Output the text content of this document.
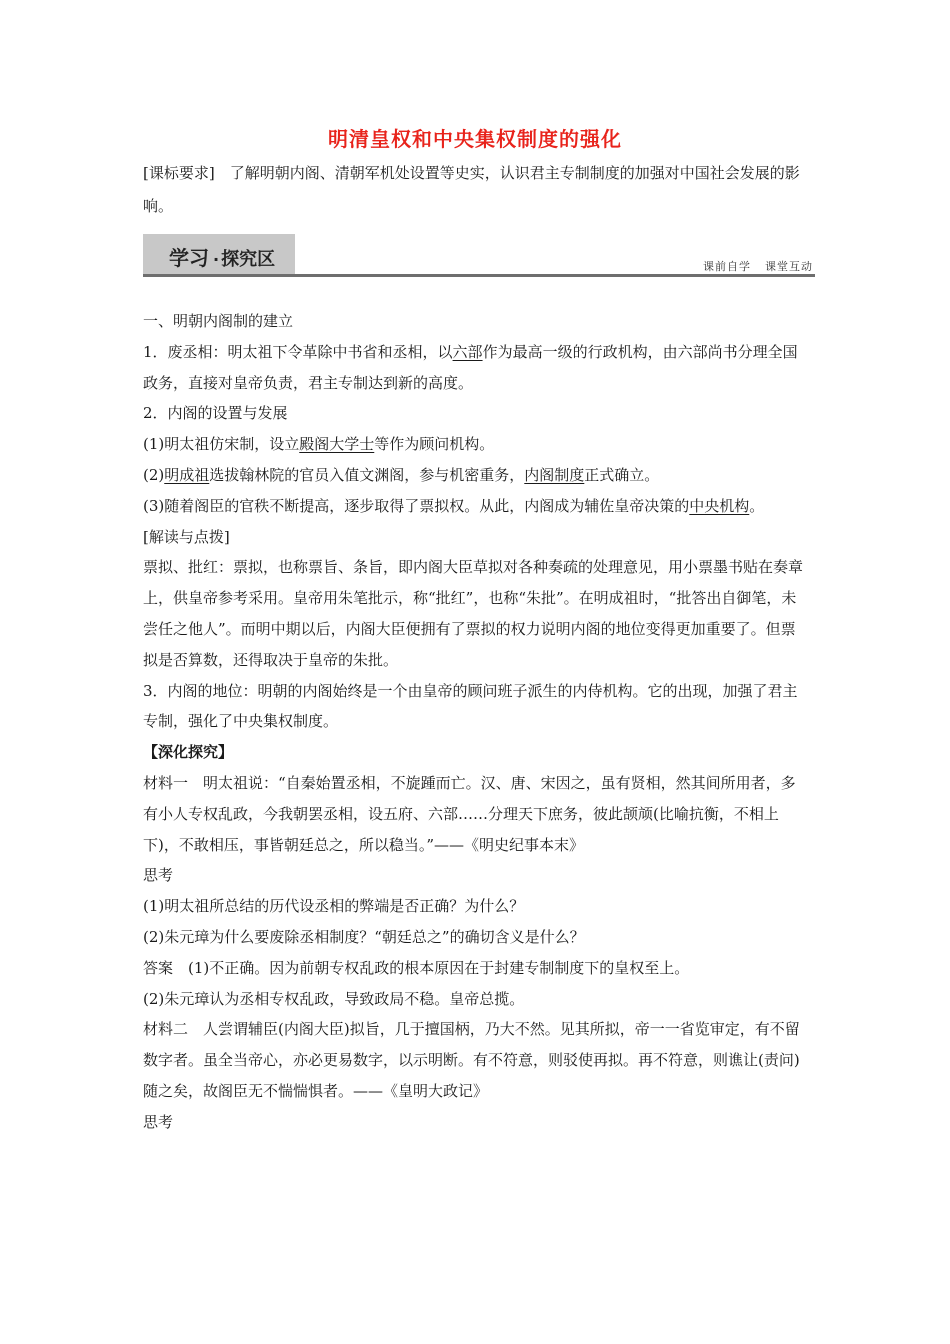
明清皇权和中央集权制度的强化
[课标要求]　了解明朝内阁、清朝军机处设置等史实，认识君主专制制度的加强对中国社会发展的影响。
学习 · 探究区	课前自学 课堂互动

一、明朝内阁制的建立

1．废丞相：明太祖下令革除中书省和丞相，以六部作为最高一级的行政机构，由六部尚书分理全国政务，直接对皇帝负责，君主专制达到新的高度。

2．内阁的设置与发展

(1)明太祖仿宋制，设立殿阁大学士等作为顾问机构。

(2)明成祖选拔翰林院的官员入值文渊阁，参与机密重务，内阁制度正式确立。

(3)随着阁臣的官秩不断提高，逐步取得了票拟权。从此，内阁成为辅佐皇帝决策的中央机构。

[解读与点拨]

票拟、批红：票拟，也称票旨、条旨，即内阁大臣草拟对各种奏疏的处理意见，用小票墨书贴在奏章上，供皇帝参考采用。皇帝用朱笔批示，称“批红”，也称“朱批”。在明成祖时，“批答出自御笔，未尝任之他人”。而明中期以后，内阁大臣便拥有了票拟的权力说明内阁的地位变得更加重要了。但票拟是否算数，还得取决于皇帝的朱批。

3．内阁的地位：明朝的内阁始终是一个由皇帝的顾问班子派生的内侍机构。它的出现，加强了君主专制，强化了中央集权制度。

【深化探究】

材料一　明太祖说：“自秦始置丞相，不旋踵而亡。汉、唐、宋因之，虽有贤相，然其间所用者，多有小人专权乱政，今我朝罢丞相，设五府、六部……分理天下庶务，彼此颉颃(比喻抗衡，不相上下)，不敢相压，事皆朝廷总之，所以稳当。”——《明史纪事本末》

思考

(1)明太祖所总结的历代设丞相的弊端是否正确？为什么？

(2)朱元璋为什么要废除丞相制度？“朝廷总之”的确切含义是什么？

答案　(1)不正确。因为前朝专权乱政的根本原因在于封建专制制度下的皇权至上。

(2)朱元璋认为丞相专权乱政，导致政局不稳。皇帝总揽。

材料二　人尝谓辅臣(内阁大臣)拟旨，几于擅国柄，乃大不然。见其所拟，帝一一省览审定，有不留数字者。虽全当帝心，亦必更易数字，以示明断。有不符意，则驳使再拟。再不符意，则谯让(责问)随之矣，故阁臣无不惴惴惧者。——《皇明大政记》

思考
